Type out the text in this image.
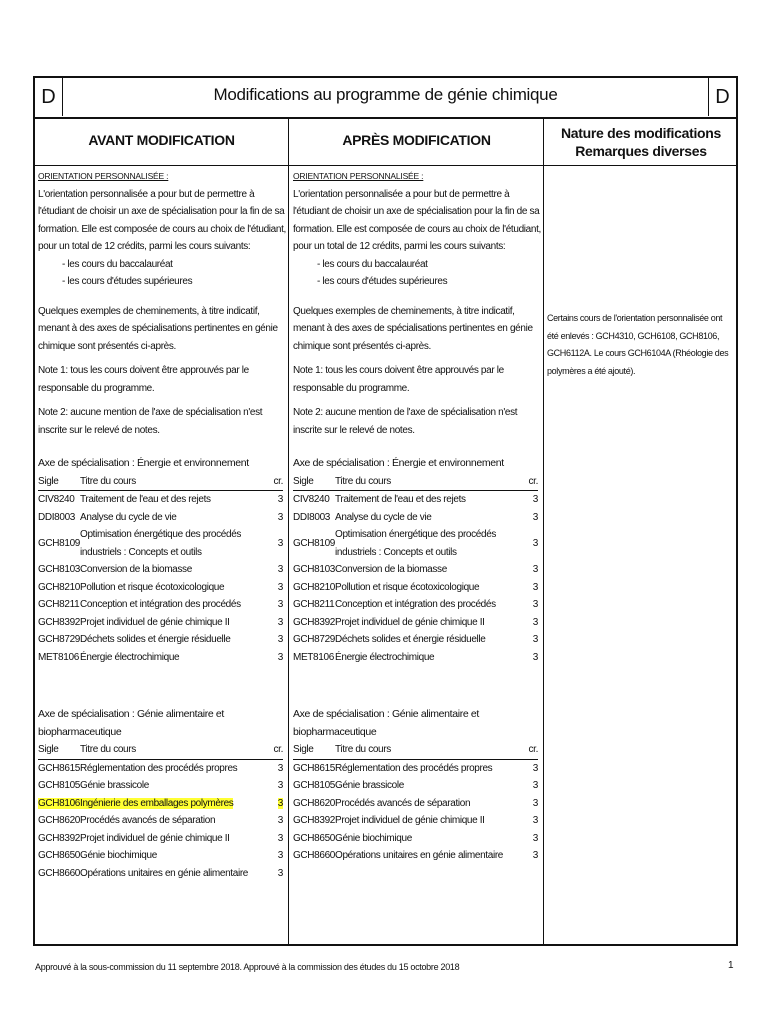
D	Modifications au programme de génie chimique	D
AVANT MODIFICATION	APRÈS MODIFICATION	Nature des modifications
Remarques diverses

ORIENTATION PERSONNALISÉE :

L'orientation personnalisée a pour but de permettre à l'étudiant de choisir un axe de spécialisation pour la fin de sa formation. Elle est composée de cours au choix de l'étudiant, pour un total de 12 crédits, parmi les cours suivants:

- les cours du baccalauréat

- les cours d'études supérieures

Quelques exemples de cheminements, à titre indicatif, menant à des axes de spécialisations pertinentes en génie chimique sont présentés ci-après.

Note 1: tous les cours doivent être approuvés par le responsable du programme.

Note 2: aucune mention de l'axe de spécialisation n'est inscrite sur le relevé de notes.

Axe de spécialisation : Énergie et environnement

Sigle	Titre du cours	cr.
CIV8240	Traitement de l'eau et des rejets	3
DDI8003	Analyse du cycle de vie	3
GCH8109	Optimisation énergétique des procédés industriels : Concepts et outils	3
GCH8103	Conversion de la biomasse	3
GCH8210	Pollution et risque écotoxicologique	3
GCH8211	Conception et intégration des procédés	3
GCH8392	Projet individuel de génie chimique II	3
GCH8729	Déchets solides et énergie résiduelle	3
MET8106	Énergie électrochimique	3

Axe de spécialisation : Génie alimentaire et biopharmaceutique

Sigle	Titre du cours	cr.
GCH8615	Réglementation des procédés propres	3
GCH8105	Génie brassicole	3
GCH8106	Ingénierie des emballages polymères	3
GCH8620	Procédés avancés de séparation	3
GCH8392	Projet individuel de génie chimique II	3
GCH8650	Génie biochimique	3
GCH8660	Opérations unitaires en génie alimentaire	3

ORIENTATION PERSONNALISÉE :

L'orientation personnalisée a pour but de permettre à l'étudiant de choisir un axe de spécialisation pour la fin de sa formation. Elle est composée de cours au choix de l'étudiant, pour un total de 12 crédits, parmi les cours suivants:

- les cours du baccalauréat

- les cours d'études supérieures

Quelques exemples de cheminements, à titre indicatif, menant à des axes de spécialisations pertinentes en génie chimique sont présentés ci-après.

Note 1: tous les cours doivent être approuvés par le responsable du programme.

Note 2: aucune mention de l'axe de spécialisation n'est inscrite sur le relevé de notes.

Axe de spécialisation : Énergie et environnement

Sigle	Titre du cours	cr.
CIV8240	Traitement de l'eau et des rejets	3
DDI8003	Analyse du cycle de vie	3
GCH8109	Optimisation énergétique des procédés industriels : Concepts et outils	3
GCH8103	Conversion de la biomasse	3
GCH8210	Pollution et risque écotoxicologique	3
GCH8211	Conception et intégration des procédés	3
GCH8392	Projet individuel de génie chimique II	3
GCH8729	Déchets solides et énergie résiduelle	3
MET8106	Énergie électrochimique	3

Axe de spécialisation : Génie alimentaire et biopharmaceutique

Sigle	Titre du cours	cr.
GCH8615	Réglementation des procédés propres	3
GCH8105	Génie brassicole	3
GCH8620	Procédés avancés de séparation	3
GCH8392	Projet individuel de génie chimique II	3
GCH8650	Génie biochimique	3
GCH8660	Opérations unitaires en génie alimentaire	3
Certains cours de l'orientation personnalisée ont été enlevés : GCH4310, GCH6108, GCH8106, GCH6112A. Le cours GCH6104A (Rhéologie des polymères a été ajouté).
Approuvé à la sous-commission du 11 septembre 2018. Approuvé à la commission des études du 15 octobre 2018	1
